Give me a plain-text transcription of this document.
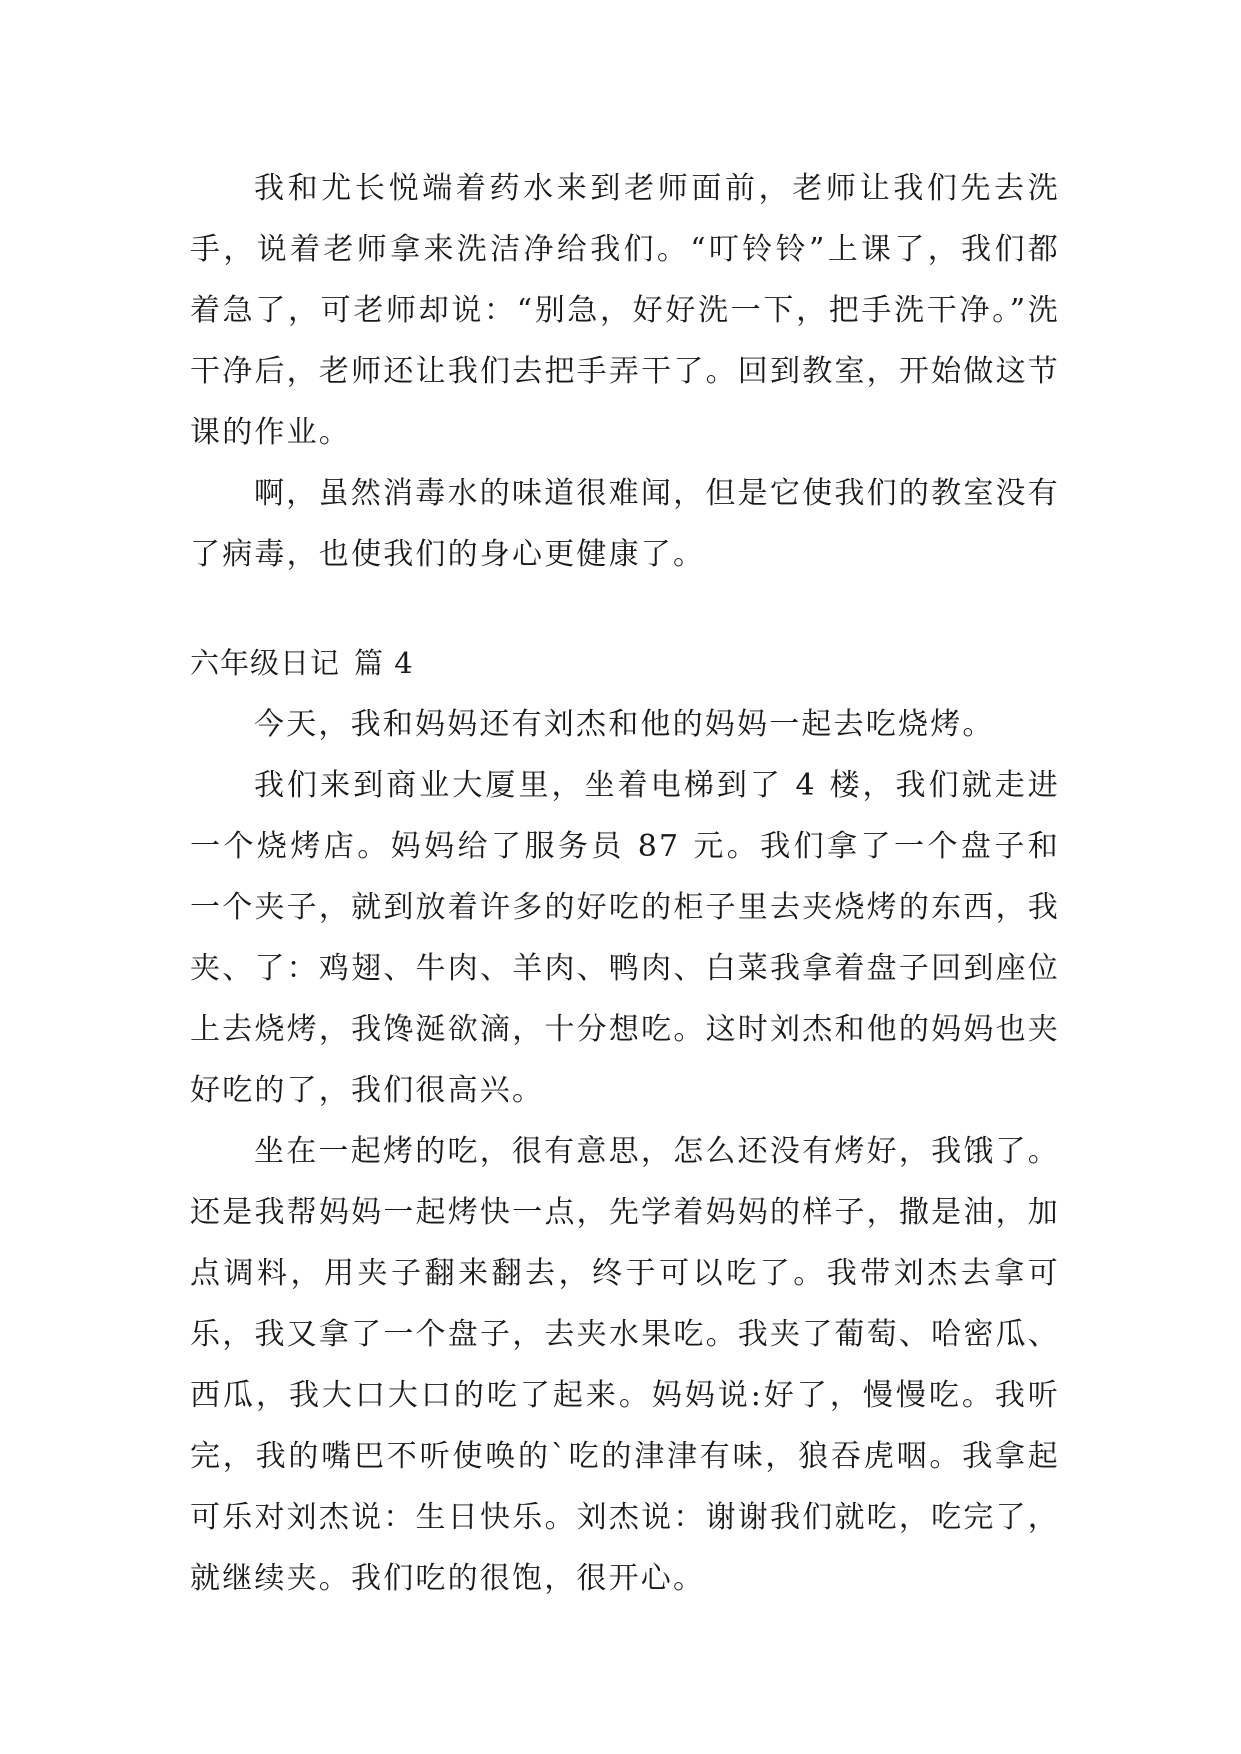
我和尤长悦端着药水来到老师面前，老师让我们先去洗手，说着老师拿来洗洁净给我们。“叮铃铃”上课了，我们都着急了，可老师却说：“别急，好好洗一下，把手洗干净。”洗干净后，老师还让我们去把手弄干了。回到教室，开始做这节课的作业。

啊，虽然消毒水的味道很难闻，但是它使我们的教室没有了病毒，也使我们的身心更健康了。

六年级日记 篇 4

今天，我和妈妈还有刘杰和他的妈妈一起去吃烧烤。

我们来到商业大厦里，坐着电梯到了 4 楼，我们就走进一个烧烤店。妈妈给了服务员 87 元。我们拿了一个盘子和一个夹子，就到放着许多的好吃的柜子里去夹烧烤的东西，我夹、了：鸡翅、牛肉、羊肉、鸭肉、白菜我拿着盘子回到座位上去烧烤，我馋涎欲滴，十分想吃。这时刘杰和他的妈妈也夹好吃的了，我们很高兴。

坐在一起烤的吃，很有意思，怎么还没有烤好，我饿了。还是我帮妈妈一起烤快一点，先学着妈妈的样子，撒是油，加点调料，用夹子翻来翻去，终于可以吃了。我带刘杰去拿可乐，我又拿了一个盘子，去夹水果吃。我夹了葡萄、哈密瓜、西瓜，我大口大口的吃了起来。妈妈说:好了，慢慢吃。我听完，我的嘴巴不听使唤的`吃的津津有味，狼吞虎咽。我拿起可乐对刘杰说：生日快乐。刘杰说：谢谢我们就吃，吃完了，就继续夹。我们吃的很饱，很开心。
